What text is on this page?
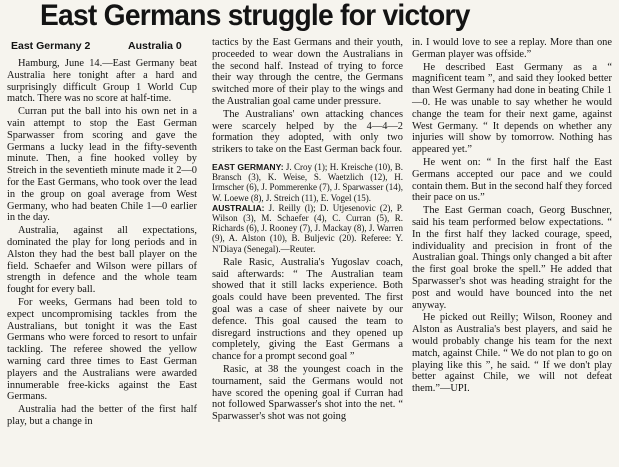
East Germans struggle for victory
East Germany 2	Australia 0

Hamburg, June 14.—East Germany beat Australia here tonight after a hard and surprisingly difficult Group 1 World Cup match. There was no score at half-time.

Curran put the ball into his own net in a vain attempt to stop the East German Sparwasser from scoring and gave the Germans a lucky lead in the fifty-seventh minute. Then, a fine hooked volley by Streich in the seventieth minute made it 2—0 for the East Germans, who took over the lead in the group on goal average from West Germany, who had beaten Chile 1—0 earlier in the day.

Australia, against all expectations, dominated the play for long periods and in Alston they had the best ball player on the field. Schaefer and Wilson were pillars of strength in defence and the whole team fought for every ball.

For weeks, Germans had been told to expect uncompromising tackles from the Australians, but tonight it was the East Germans who were forced to resort to unfair tackling. The referee showed the yellow warning card three times to East German players and the Australians were awarded innumerable free-kicks against the East Germans.

Australia had the better of the first half play, but a change in

tactics by the East Germans and their youth, proceeded to wear down the Australians in the second half. Instead of trying to force their way through the centre, the Germans switched more of their play to the wings and the Australian goal came under pressure.

The Australians' own attacking chances were scarcely helped by the 4—4—2 formation they adopted, with only two strikers to take on the East German back four.

EAST GERMANY: J. Croy (1); H. Kreische (10), B. Bransch (3), K. Weise, S. Waetzlich (12), H. Irmscher (6), J. Pommerenke (7), J. Sparwasser (14), W. Loewe (8), J. Streich (11), E. Vogel (15).

AUSTRALIA: J. Reilly (l); D. Utjesenovic (2), P. Wilson (3), M. Schaefer (4), C. Curran (5), R. Richards (6), J. Rooney (7), J. Mackay (8), J. Warren (9), A. Alston (10), B. Buljevic (20). Referee: Y. N'Diaya (Senegal).—Reuter.

Rale Rasic, Australia's Yugoslav coach, said afterwards: “ The Australian team showed that it still lacks experience. Both goals could have been prevented. The first goal was a case of sheer naivete by our defence. This goal caused the team to disregard instructions and they opened up completely, giving the East Germans a chance for a prompt second goal ”

Rasic, at 38 the youngest coach in the tournament, said the Germans would not have scored the opening goal if Curran had not followed Sparwasser's shot into the net. “ Sparwasser's shot was not going

in. I would love to see a replay. More than one German player was offside.”

He described East Germany as a “ magnificent team ”, and said they looked better than West Germany had done in beating Chile 1—0. He was unable to say whether he would change the team for their next game, against West Germany. “ It depends on whether any injuries will show by tomorrow. Nothing has appeared yet.”

He went on: “ In the first half the East Germans accepted our pace and we could contain them. But in the second half they forced their pace on us.”

The East German coach, Georg Buschner, said his team performed below expectations. “ In the first half they lacked courage, speed, individuality and precision in front of the Australian goal. Things only changed a bit after the first goal broke the spell.” He added that Sparwasser's shot was heading straight for the post and would have bounced into the net anyway.

He picked out Reilly; Wilson, Rooney and Alston as Australia's best players, and said he would probably change his team for the next match, against Chile. “ We do not plan to go on playing like this ”, he said. “ If we don't play better against Chile, we will not defeat them.”—UPI.
